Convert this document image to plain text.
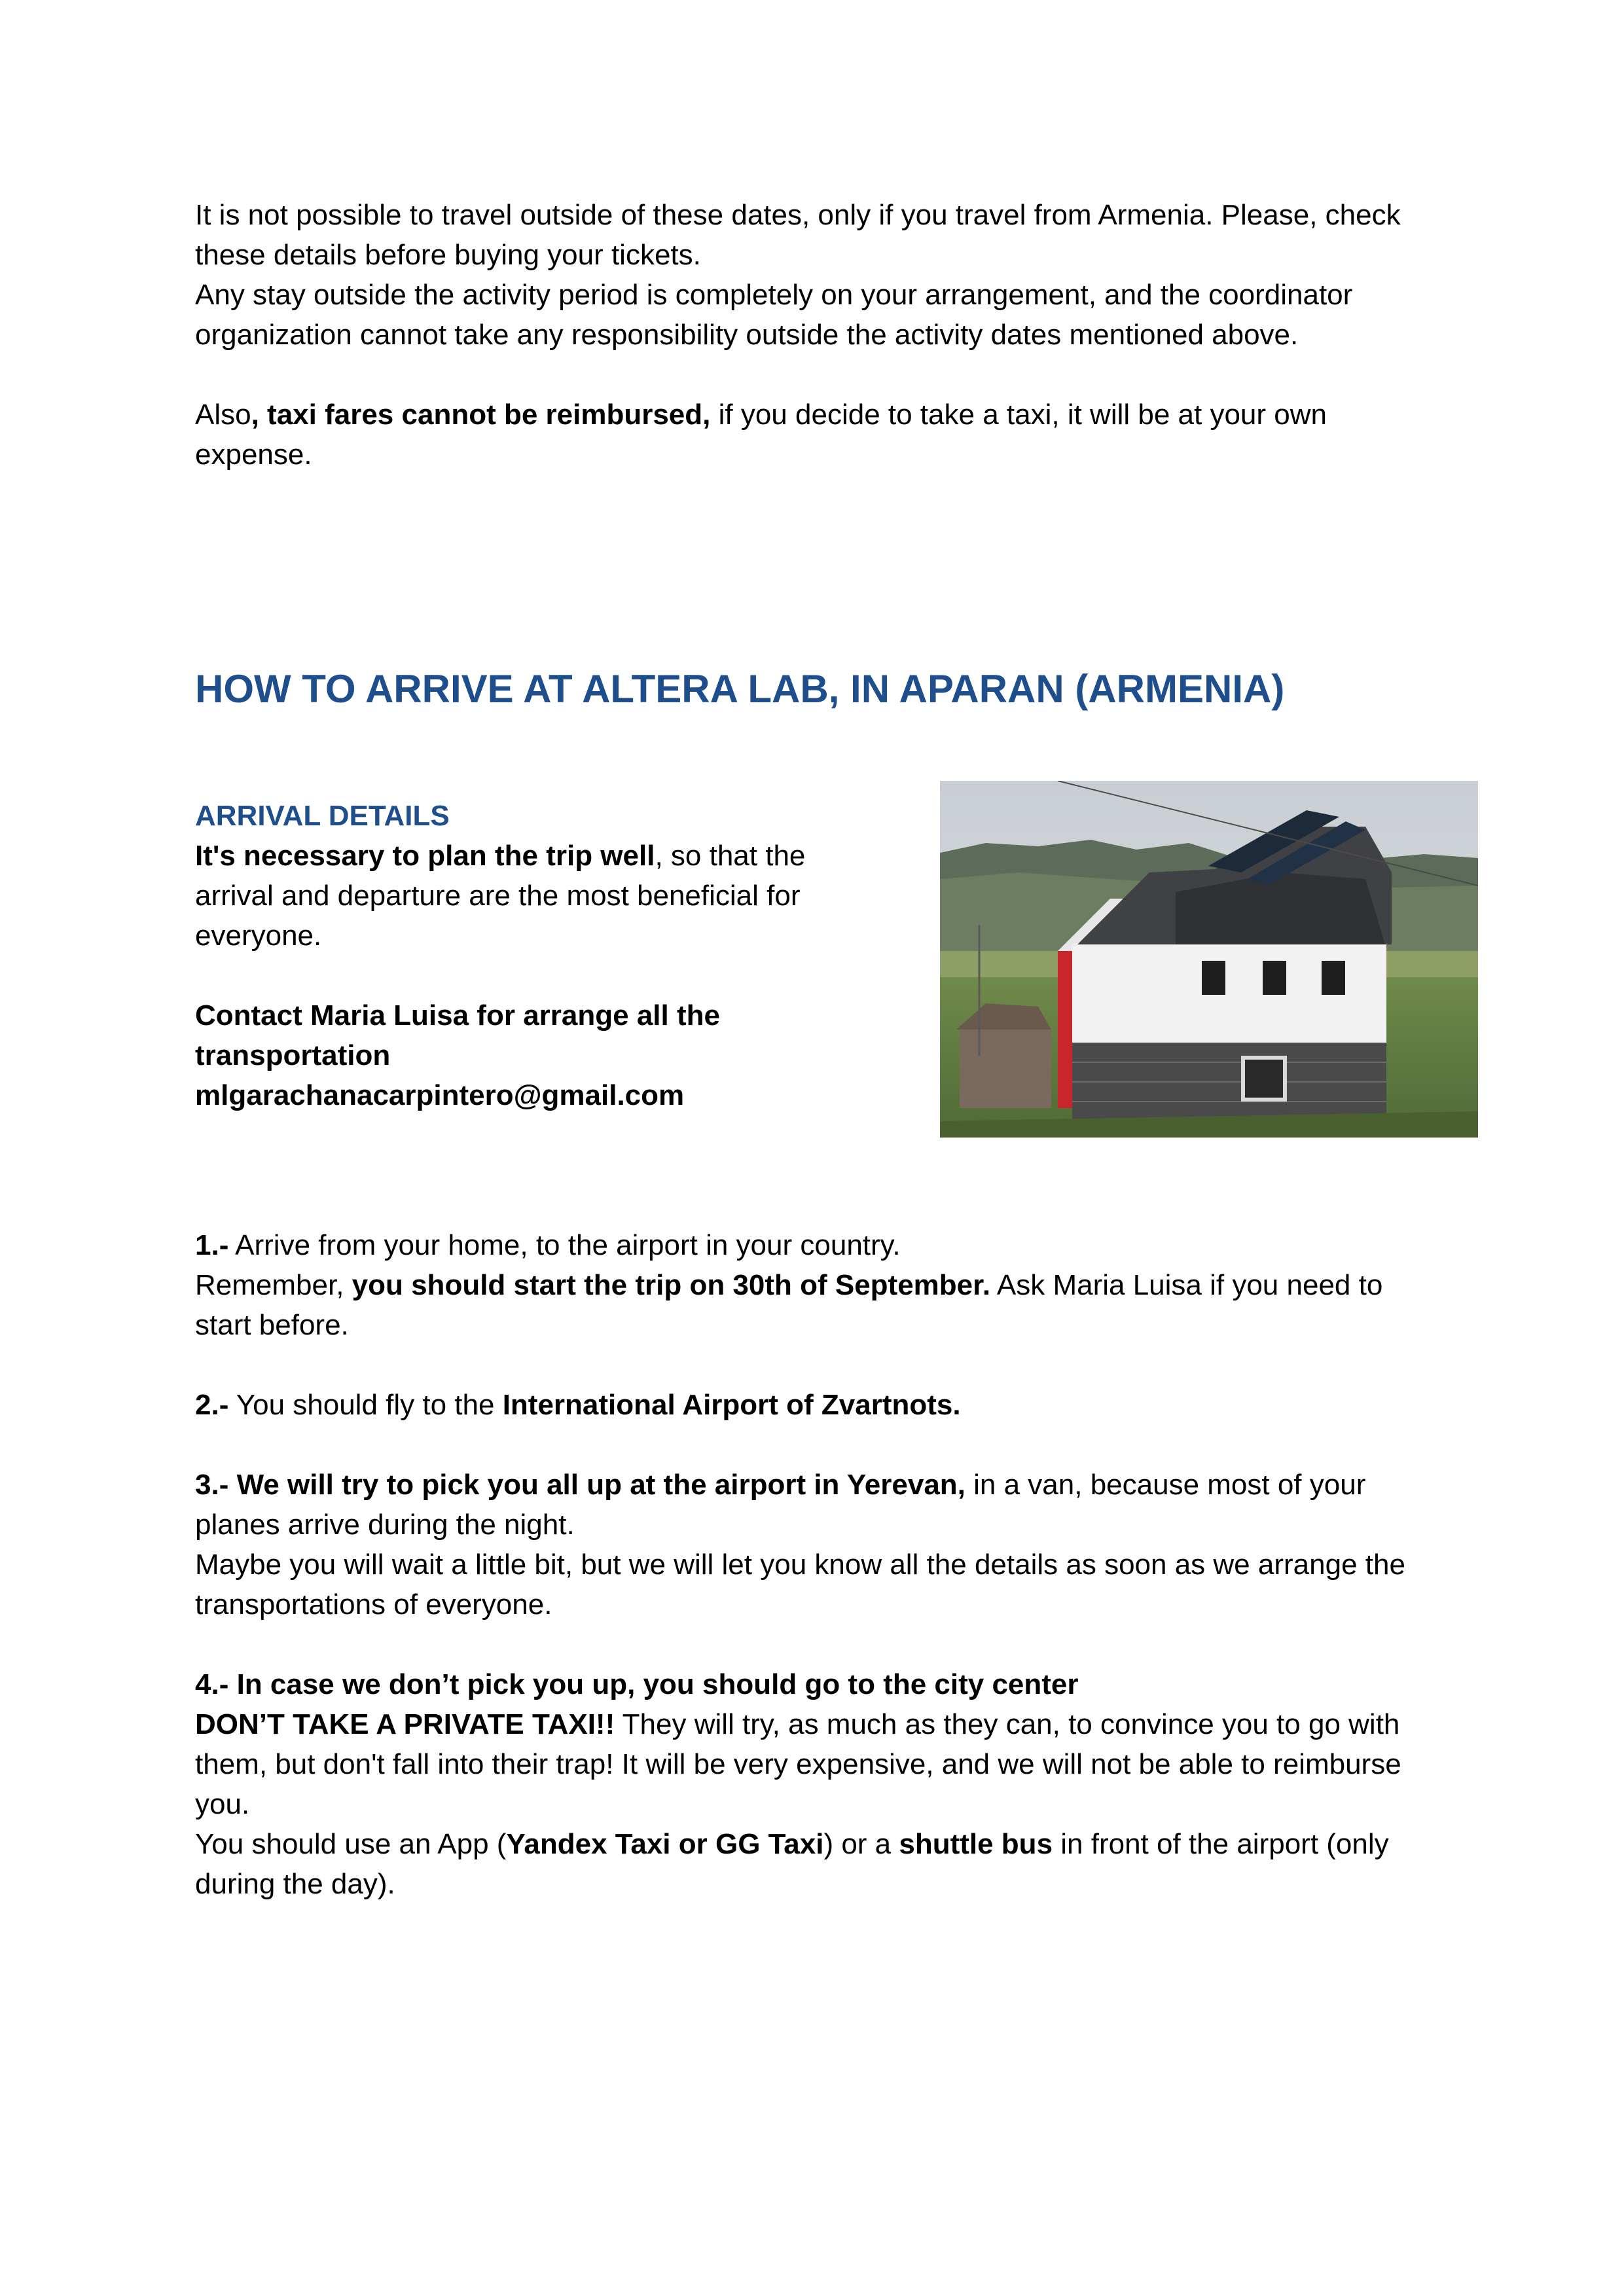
It is not possible to travel outside of these dates, only if you travel from Armenia. Please, check these details before buying your tickets.

Any stay outside the activity period is completely on your arrangement, and the coordinator organization cannot take any responsibility outside the activity dates mentioned above.

Also, taxi fares cannot be reimbursed, if you decide to take a taxi, it will be at your own expense.

HOW TO ARRIVE AT ALTERA LAB, IN APARAN (ARMENIA)
ARRIVAL DETAILS

It's necessary to plan the trip well, so that the arrival and departure are the most beneficial for everyone.

Contact Maria Luisa for arrange all the transportation

mlgarachanacarpintero@gmail.com

1.- Arrive from your home, to the airport in your country.

Remember, you should start the trip on 30th of September. Ask Maria Luisa if you need to start before.

2.- You should fly to the International Airport of Zvartnots.

3.- We will try to pick you all up at the airport in Yerevan, in a van, because most of your planes arrive during the night.

Maybe you will wait a little bit, but we will let you know all the details as soon as we arrange the transportations of everyone.

4.- In case we don’t pick you up, you should go to the city center

DON’T TAKE A PRIVATE TAXI!! They will try, as much as they can, to convince you to go with them, but don't fall into their trap! It will be very expensive, and we will not be able to reimburse you.

You should use an App (Yandex Taxi or GG Taxi) or a shuttle bus in front of the airport (only during the day).
